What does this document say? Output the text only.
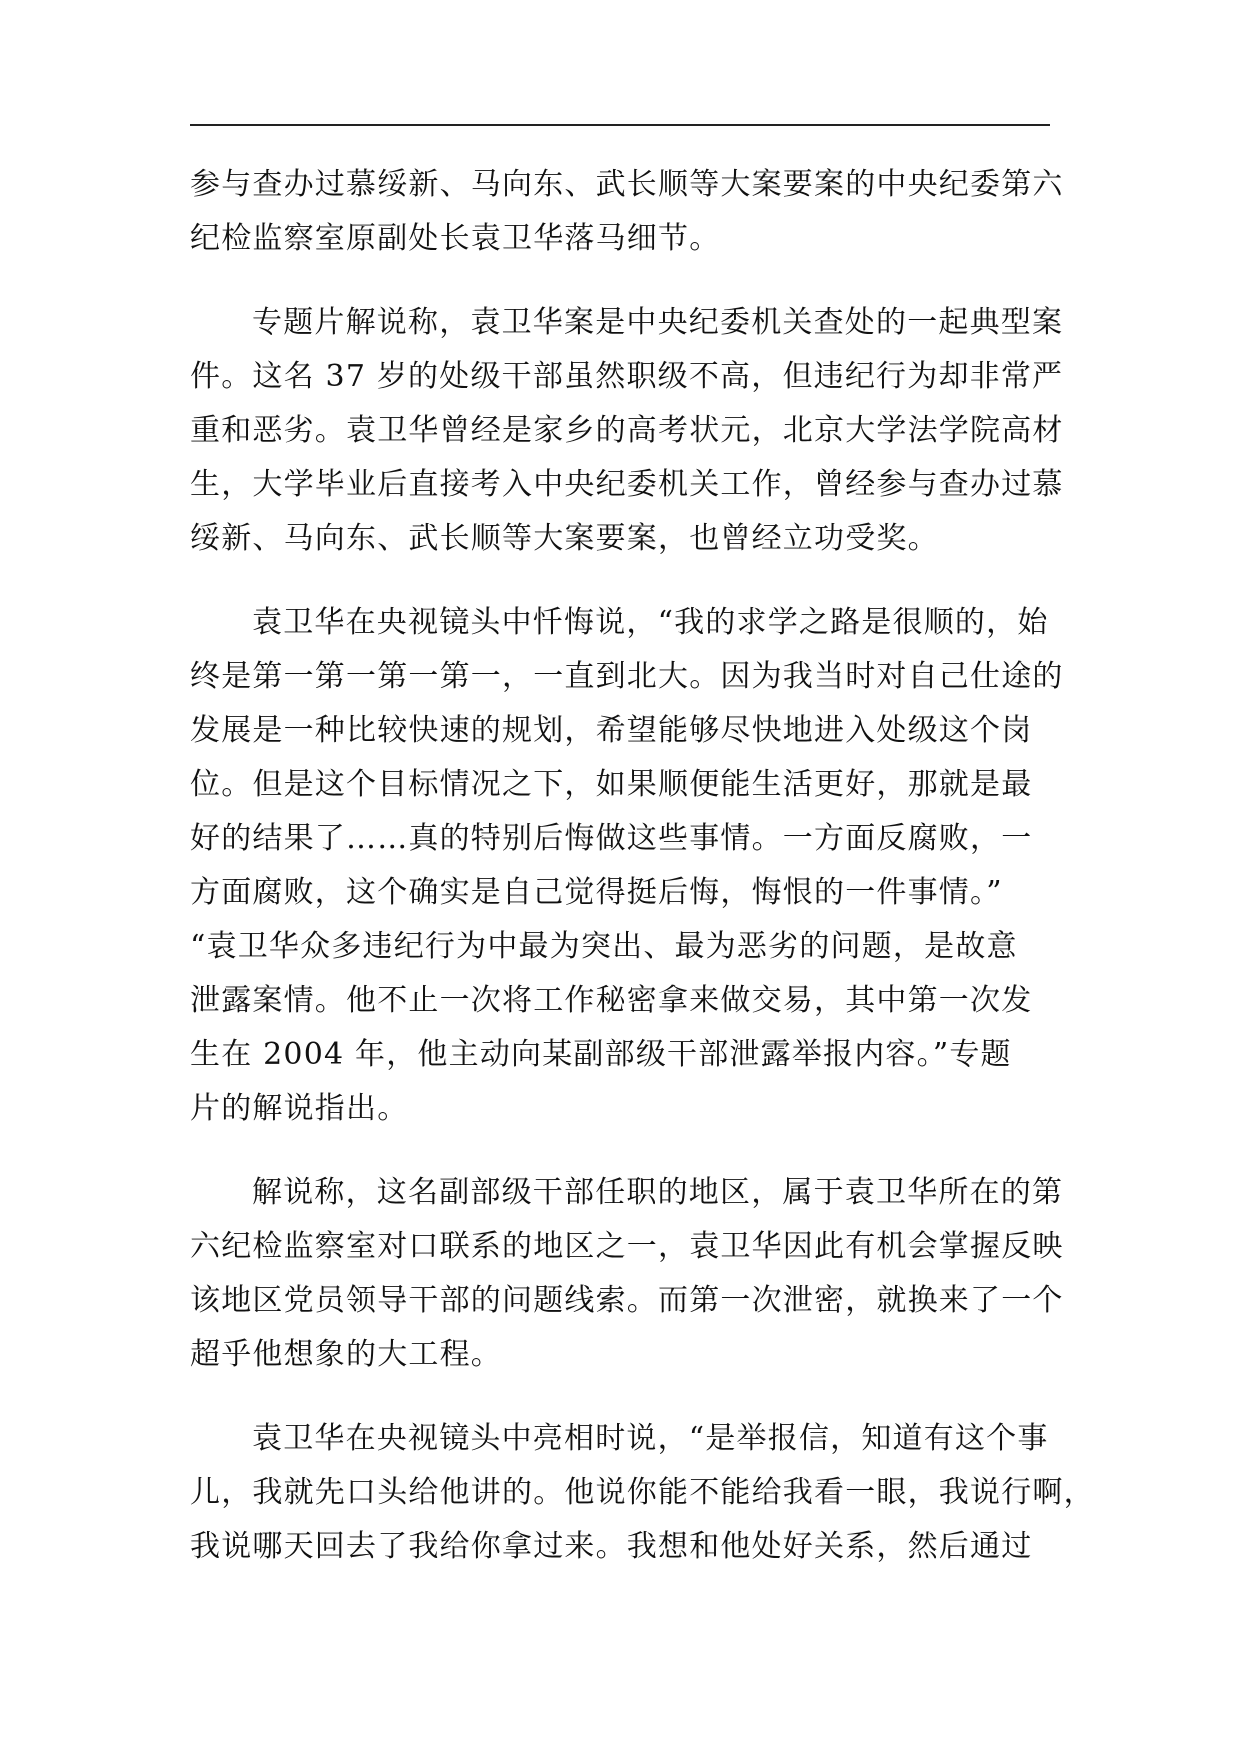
参与查办过慕绥新、马向东、武长顺等大案要案的中央纪委第六
纪检监察室原副处长袁卫华落马细节。
专题片解说称，袁卫华案是中央纪委机关查处的一起典型案
件。这名 37 岁的处级干部虽然职级不高，但违纪行为却非常严
重和恶劣。袁卫华曾经是家乡的高考状元，北京大学法学院高材
生，大学毕业后直接考入中央纪委机关工作，曾经参与查办过慕
绥新、马向东、武长顺等大案要案，也曾经立功受奖。
袁卫华在央视镜头中忏悔说，“我的求学之路是很顺的，始
终是第一第一第一第一，一直到北大。因为我当时对自己仕途的
发展是一种比较快速的规划，希望能够尽快地进入处级这个岗
位。但是这个目标情况之下，如果顺便能生活更好，那就是最
好的结果了……真的特别后悔做这些事情。一方面反腐败，一
方面腐败，这个确实是自己觉得挺后悔，悔恨的一件事情。”
“袁卫华众多违纪行为中最为突出、最为恶劣的问题，是故意
泄露案情。他不止一次将工作秘密拿来做交易，其中第一次发
生在 2004 年，他主动向某副部级干部泄露举报内容。”专题
片的解说指出。
解说称，这名副部级干部任职的地区，属于袁卫华所在的第
六纪检监察室对口联系的地区之一，袁卫华因此有机会掌握反映
该地区党员领导干部的问题线索。而第一次泄密，就换来了一个
超乎他想象的大工程。
袁卫华在央视镜头中亮相时说，“是举报信，知道有这个事
儿，我就先口头给他讲的。他说你能不能给我看一眼，我说行啊，
我说哪天回去了我给你拿过来。我想和他处好关系，然后通过
